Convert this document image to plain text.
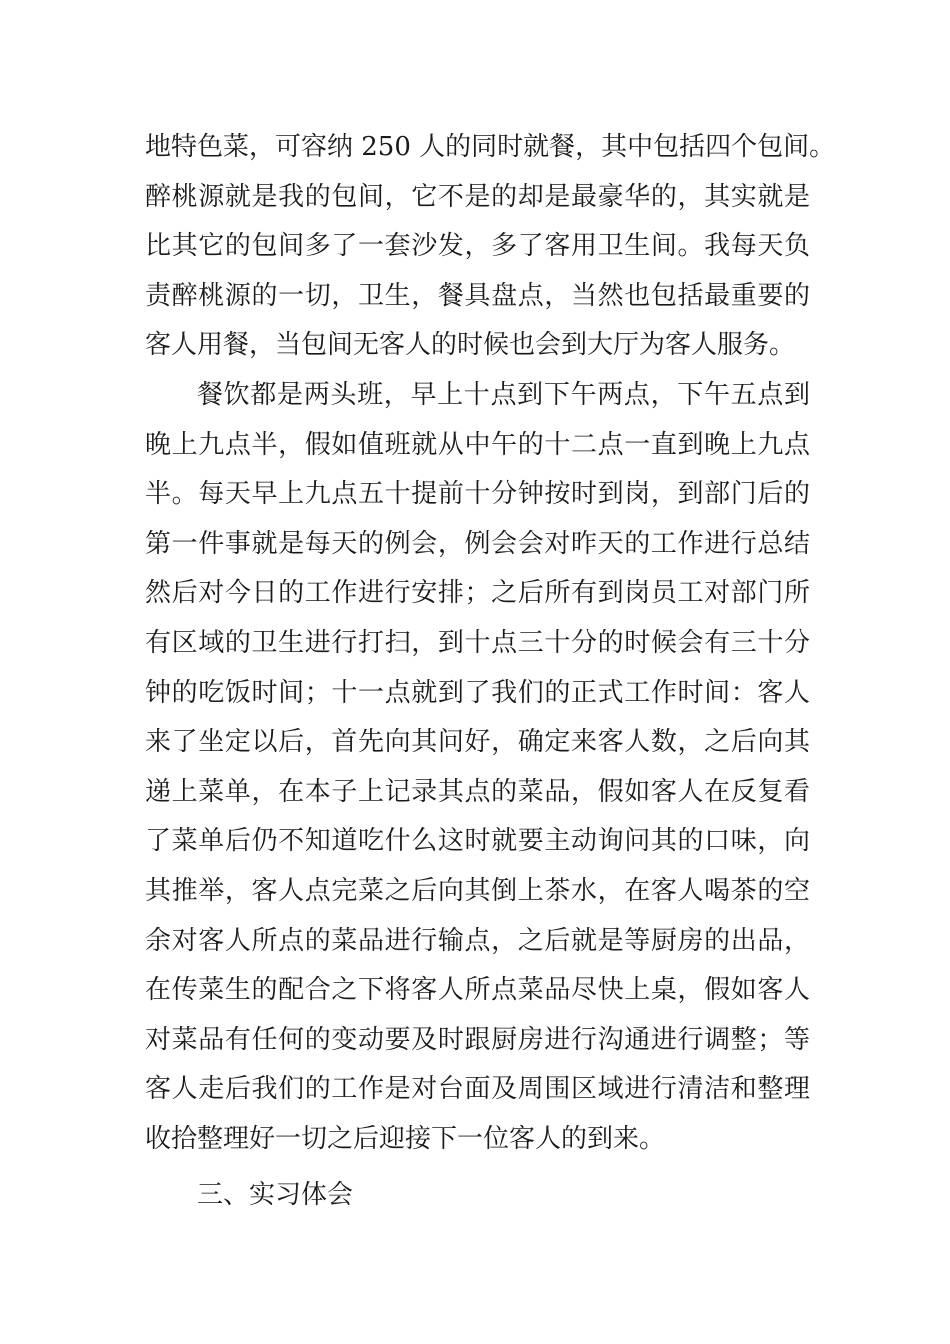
地特色菜，可容纳 250 人的同时就餐，其中包括四个包间。
醉桃源就是我的包间，它不是的却是最豪华的，其实就是
比其它的包间多了一套沙发，多了客用卫生间。我每天负
责醉桃源的一切，卫生，餐具盘点，当然也包括最重要的
客人用餐，当包间无客人的时候也会到大厅为客人服务。
餐饮都是两头班，早上十点到下午两点，下午五点到
晚上九点半，假如值班就从中午的十二点一直到晚上九点
半。每天早上九点五十提前十分钟按时到岗，到部门后的
第一件事就是每天的例会，例会会对昨天的工作进行总结
然后对今日的工作进行安排；之后所有到岗员工对部门所
有区域的卫生进行打扫，到十点三十分的时候会有三十分
钟的吃饭时间；十一点就到了我们的正式工作时间：客人
来了坐定以后，首先向其问好，确定来客人数，之后向其
递上菜单，在本子上记录其点的菜品，假如客人在反复看
了菜单后仍不知道吃什么这时就要主动询问其的口味，向
其推举，客人点完菜之后向其倒上茶水，在客人喝茶的空
余对客人所点的菜品进行输点，之后就是等厨房的出品，
在传菜生的配合之下将客人所点菜品尽快上桌，假如客人
对菜品有任何的变动要及时跟厨房进行沟通进行调整；等
客人走后我们的工作是对台面及周围区域进行清洁和整理
收拾整理好一切之后迎接下一位客人的到来。
三、实习体会
